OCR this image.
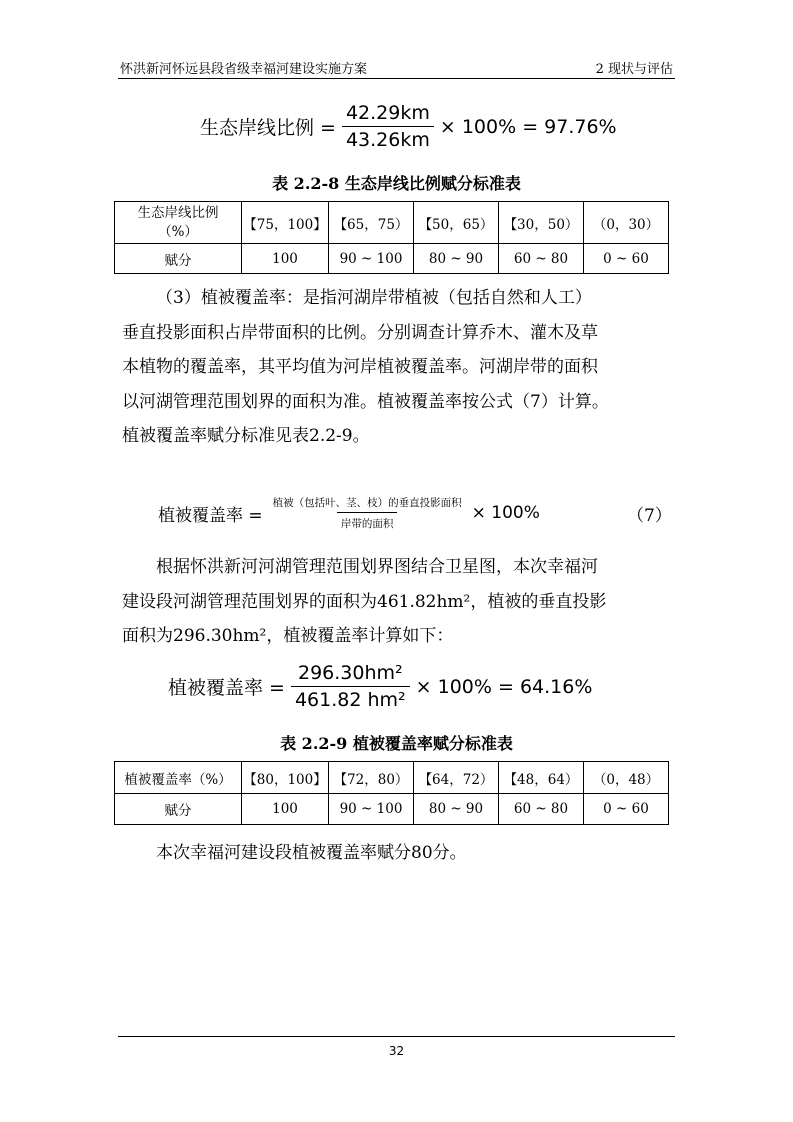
怀洪新河怀远县段省级幸福河建设实施方案	2 现状与评估
生态岸线比例 = $\frac{42.29km}{43.26km} \times 100\% = 97.76\%$
表 2.2-8 生态岸线比例赋分标准表
生态岸线比例
（%）	【75，100】	【65，75）	【50，65）	【30，50）	（0，30）
赋分	100	90 ~ 100	80 ~ 90	60 ~ 80	0 ~ 60
（3）植被覆盖率：是指河湖岸带植被（包括自然和人工）
垂直投影面积占岸带面积的比例。分别调查计算乔木、灌木及草
本植物的覆盖率，其平均值为河岸植被覆盖率。河湖岸带的面积
以河湖管理范围划界的面积为准。植被覆盖率按公式（7）计算。
植被覆盖率赋分标准见表2.2-9。
植被覆盖率 = $\frac{\text{植被（包括叶、茎、枝）的垂直投影面积}}{\text{岸带的面积}} \times 100\%$	（7）
根据怀洪新河河湖管理范围划界图结合卫星图，本次幸福河
建设段河湖管理范围划界的面积为461.82hm²，植被的垂直投影
面积为296.30hm²，植被覆盖率计算如下：
植被覆盖率 = $\frac{\text{296.30hm²}}{\text{461.82 hm²}} \times 100\% = 64.16\%$
表 2.2-9 植被覆盖率赋分标准表
植被覆盖率（%）	【80，100】	【72，80）	【64，72）	【48，64）	（0，48）
赋分	100	90 ~ 100	80 ~ 90	60 ~ 80	0 ~ 60
本次幸福河建设段植被覆盖率赋分80分。
32
